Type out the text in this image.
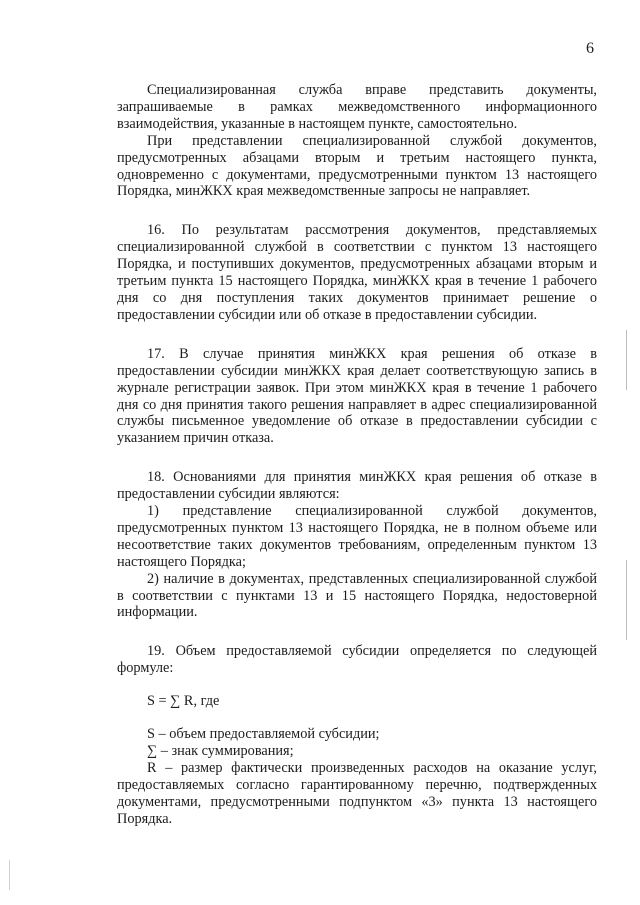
6

Специализированная служба вправе представить документы, запрашиваемые в рамках межведомственного информационного взаимодействия, указанные в настоящем пункте, самостоятельно.

При представлении специализированной службой документов, предусмотренных абзацами вторым и третьим настоящего пункта, одновременно с документами, предусмотренными пунктом 13 настоящего Порядка, минЖКХ края межведомственные запросы не направляет.

16. По результатам рассмотрения документов, представляемых специализированной службой в соответствии с пунктом 13 настоящего Порядка, и поступивших документов, предусмотренных абзацами вторым и третьим пункта 15 настоящего Порядка, минЖКХ края в течение 1 рабочего дня со дня поступления таких документов принимает решение о предоставлении субсидии или об отказе в предоставлении субсидии.

17. В случае принятия минЖКХ края решения об отказе в предоставлении субсидии минЖКХ края делает соответствующую запись в журнале регистрации заявок. При этом минЖКХ края в течение 1 рабочего дня со дня принятия такого решения направляет в адрес специализированной службы письменное уведомление об отказе в предоставлении субсидии с указанием причин отказа.

18. Основаниями для принятия минЖКХ края решения об отказе в предоставлении субсидии являются:

1) представление специализированной службой документов, предусмотренных пунктом 13 настоящего Порядка, не в полном объеме или несоответствие таких документов требованиям, определенным пунктом 13 настоящего Порядка;

2) наличие в документах, представленных специализированной службой в соответствии с пунктами 13 и 15 настоящего Порядка, недостоверной информации.

19. Объем предоставляемой субсидии определяется по следующей формуле:

S = ∑ R, где

S – объем предоставляемой субсидии;

∑ – знак суммирования;

R – размер фактически произведенных расходов на оказание услуг, предоставляемых согласно гарантированному перечню, подтвержденных документами, предусмотренными подпунктом «3» пункта 13 настоящего Порядка.
